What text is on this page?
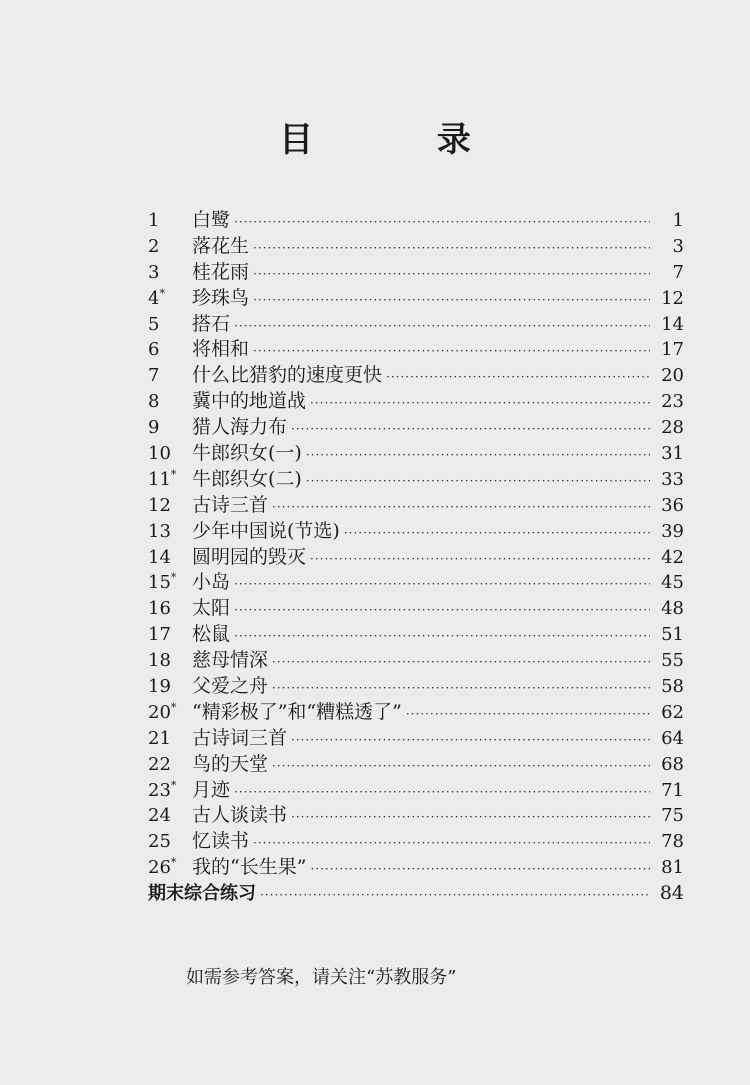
目 录
1	白鹭 ·····	1
2	落花生 ·····	3
3	桂花雨 ·····	7
4*	珍珠鸟 ·····	12
5	搭石 ·····	14
6	将相和 ·····	17
7	什么比猎豹的速度更快 ·····	20
8	冀中的地道战 ·····	23
9	猎人海力布 ·····	28
10	牛郎织女(一) ·····	31
11* 牛郎织女(二) ·····	33
12	古诗三首 ·····	36
13	少年中国说(节选) ·····	39
14	圆明园的毁灭 ·····	42
15* 小岛 ·····	45
16	太阳 ·····	48
17	松鼠 ·····	51
18	慈母情深 ·····	55
19	父爱之舟 ·····	58
20* “精彩极了”和“糟糕透了” ·····	62
21	古诗词三首 ·····	64
22	鸟的天堂 ·····	68
23* 月迹 ·····	71
24	古人谈读书 ·····	75
25	忆读书 ·····	78
26* 我的“长生果” ·····	81
期末综合练习 ·····	84
如需参考答案，请关注“苏教服务”
